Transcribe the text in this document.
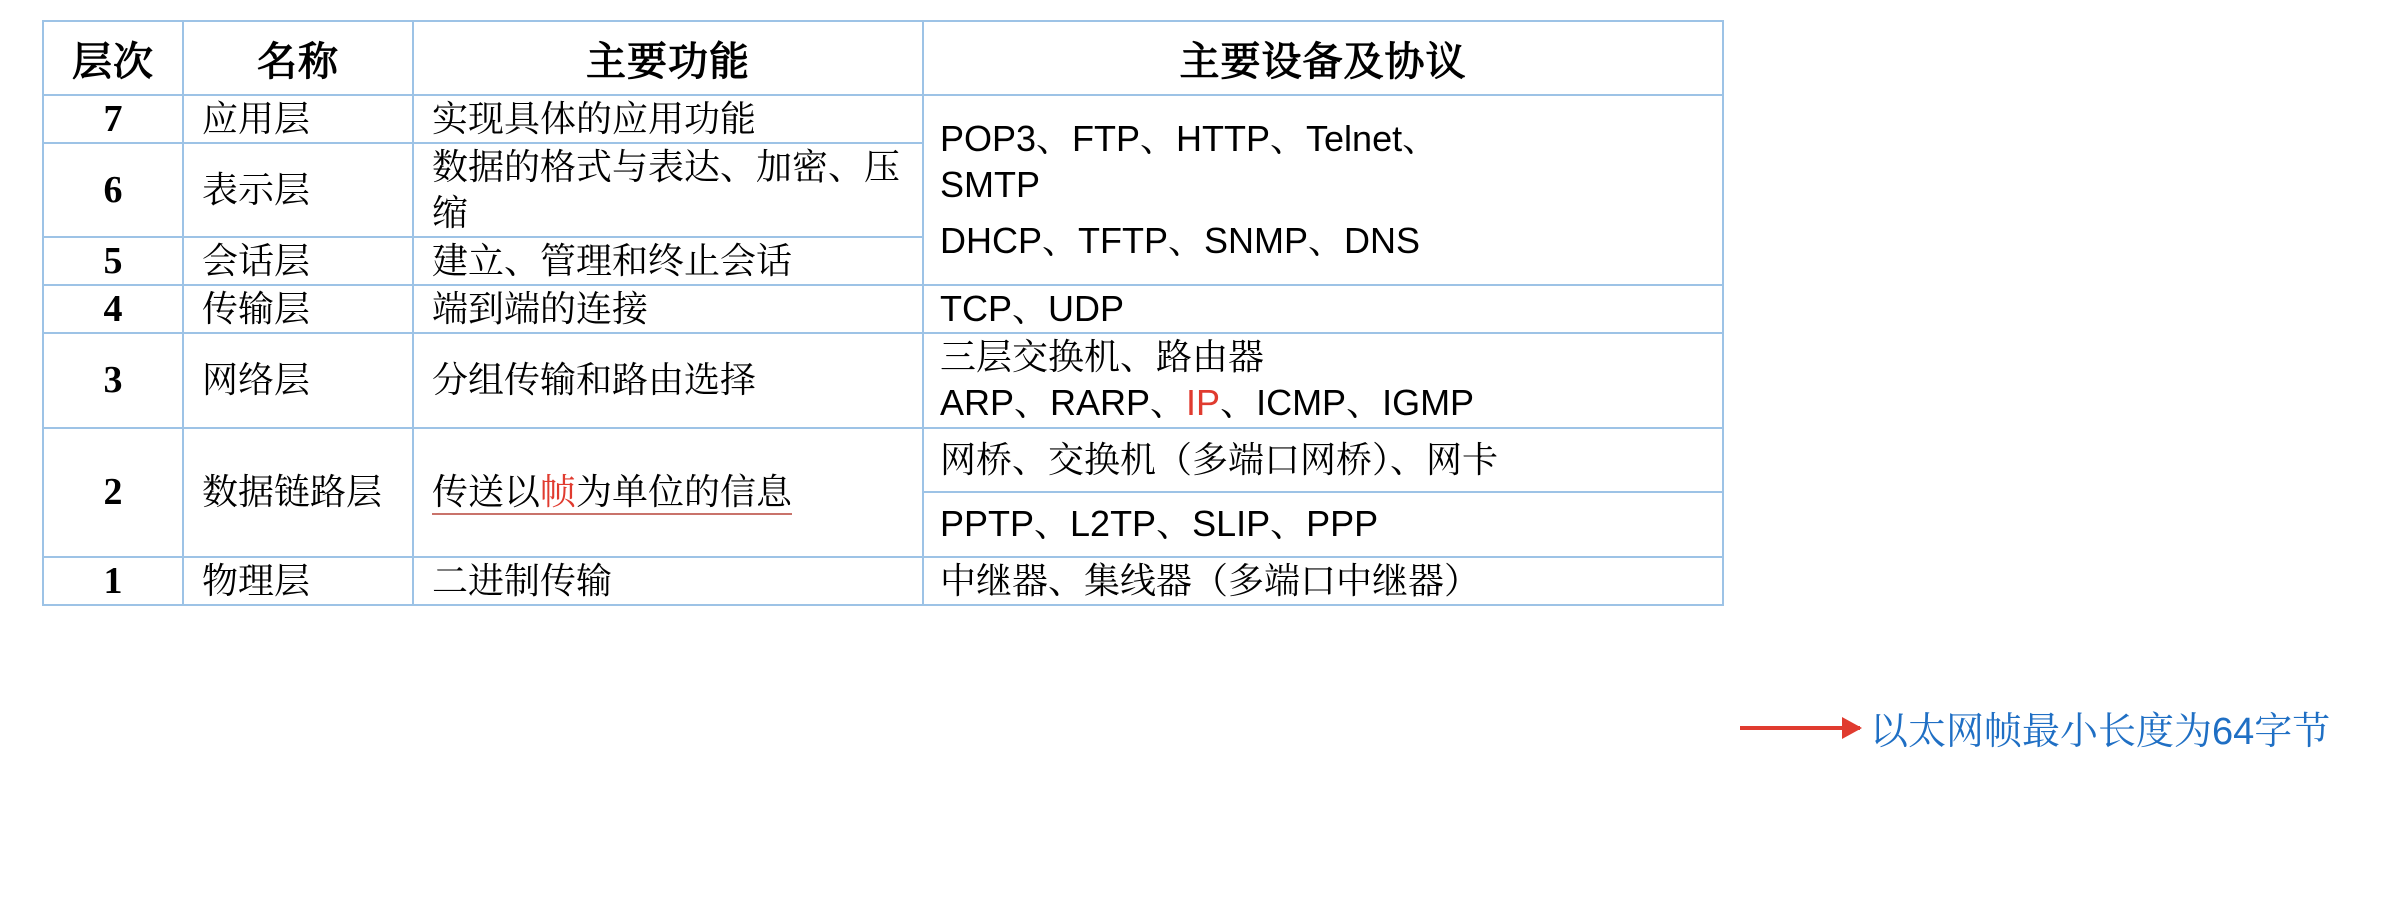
层次	名称	主要功能	主要设备及协议
7	应用层	实现具体的应用功能	POP3、FTP、HTTP、Telnet、
SMTP
DHCP、TFTP、SNMP、DNS

6	表示层	数据的格式与表达、加密、压缩	
5	会话层	建立、管理和终止会话	
4	传输层	端到端的连接	TCP、UDP
3	网络层	分组传输和路由选择	三层交换机、路由器
ARP、RARP、IP、ICMP、IGMP

2	数据链路层	传送以帧为单位的信息	网桥、交换机（多端口网桥）、网卡
PPTP、L2TP、SLIP、PPP

1	物理层	二进制传输	中继器、集线器（多端口中继器）
以太网帧最小长度为64字节
